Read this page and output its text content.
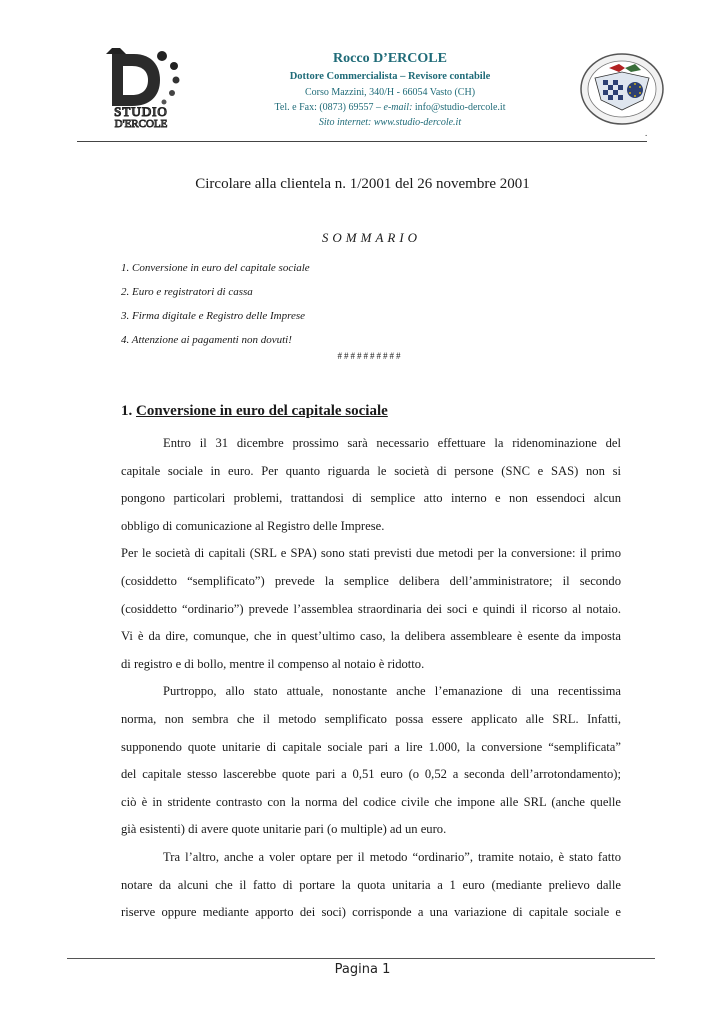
STUDIO
D'ERCOLE
Rocco D’ERCOLE
Dottore Commercialista – Revisore contabile
Corso Mazzini, 340/H - 66054 Vasto (CH)
Tel. e Fax: (0873) 69557 – e-mail: info@studio-dercole.it
Sito internet: www.studio-dercole.it
.
Circolare alla clientela n. 1/2001 del 26 novembre 2001
SOMMARIO
1. Conversione in euro del capitale sociale
2. Euro e registratori di cassa
3. Firma digitale e Registro delle Imprese
4. Attenzione ai pagamenti non dovuti!
##########
1. Conversione in euro del capitale sociale
Entro il 31 dicembre prossimo sarà necessario effettuare la ridenominazione del
capitale sociale in euro. Per quanto riguarda le società di persone (SNC e SAS) non si
pongono particolari problemi, trattandosi di semplice atto interno e non essendoci alcun
obbligo di comunicazione al Registro delle Imprese.
Per le società di capitali (SRL e SPA) sono stati previsti due metodi per la conversione: il primo
(cosiddetto “semplificato”) prevede la semplice delibera dell’amministratore; il secondo
(cosiddetto “ordinario”) prevede l’assemblea straordinaria dei soci e quindi il ricorso al notaio.
Vi è da dire, comunque, che in quest’ultimo caso, la delibera assembleare è esente da imposta
di registro e di bollo, mentre il compenso al notaio è ridotto.
Purtroppo, allo stato attuale, nonostante anche l’emanazione di una recentissima
norma, non sembra che il metodo semplificato possa essere applicato alle SRL. Infatti,
supponendo quote unitarie di capitale sociale pari a lire 1.000, la conversione “semplificata”
del capitale stesso lascerebbe quote pari a 0,51 euro (o 0,52 a seconda dell’arrotondamento);
ciò è in stridente contrasto con la norma del codice civile che impone alle SRL (anche quelle
già esistenti) di avere quote unitarie pari (o multiple) ad un euro.
Tra l’altro, anche a voler optare per il metodo “ordinario”, tramite notaio, è stato fatto
notare da alcuni che il fatto di portare la quota unitaria a 1 euro (mediante prelievo dalle
riserve oppure mediante apporto dei soci) corrisponde a una variazione di capitale sociale e
Pagina 1
